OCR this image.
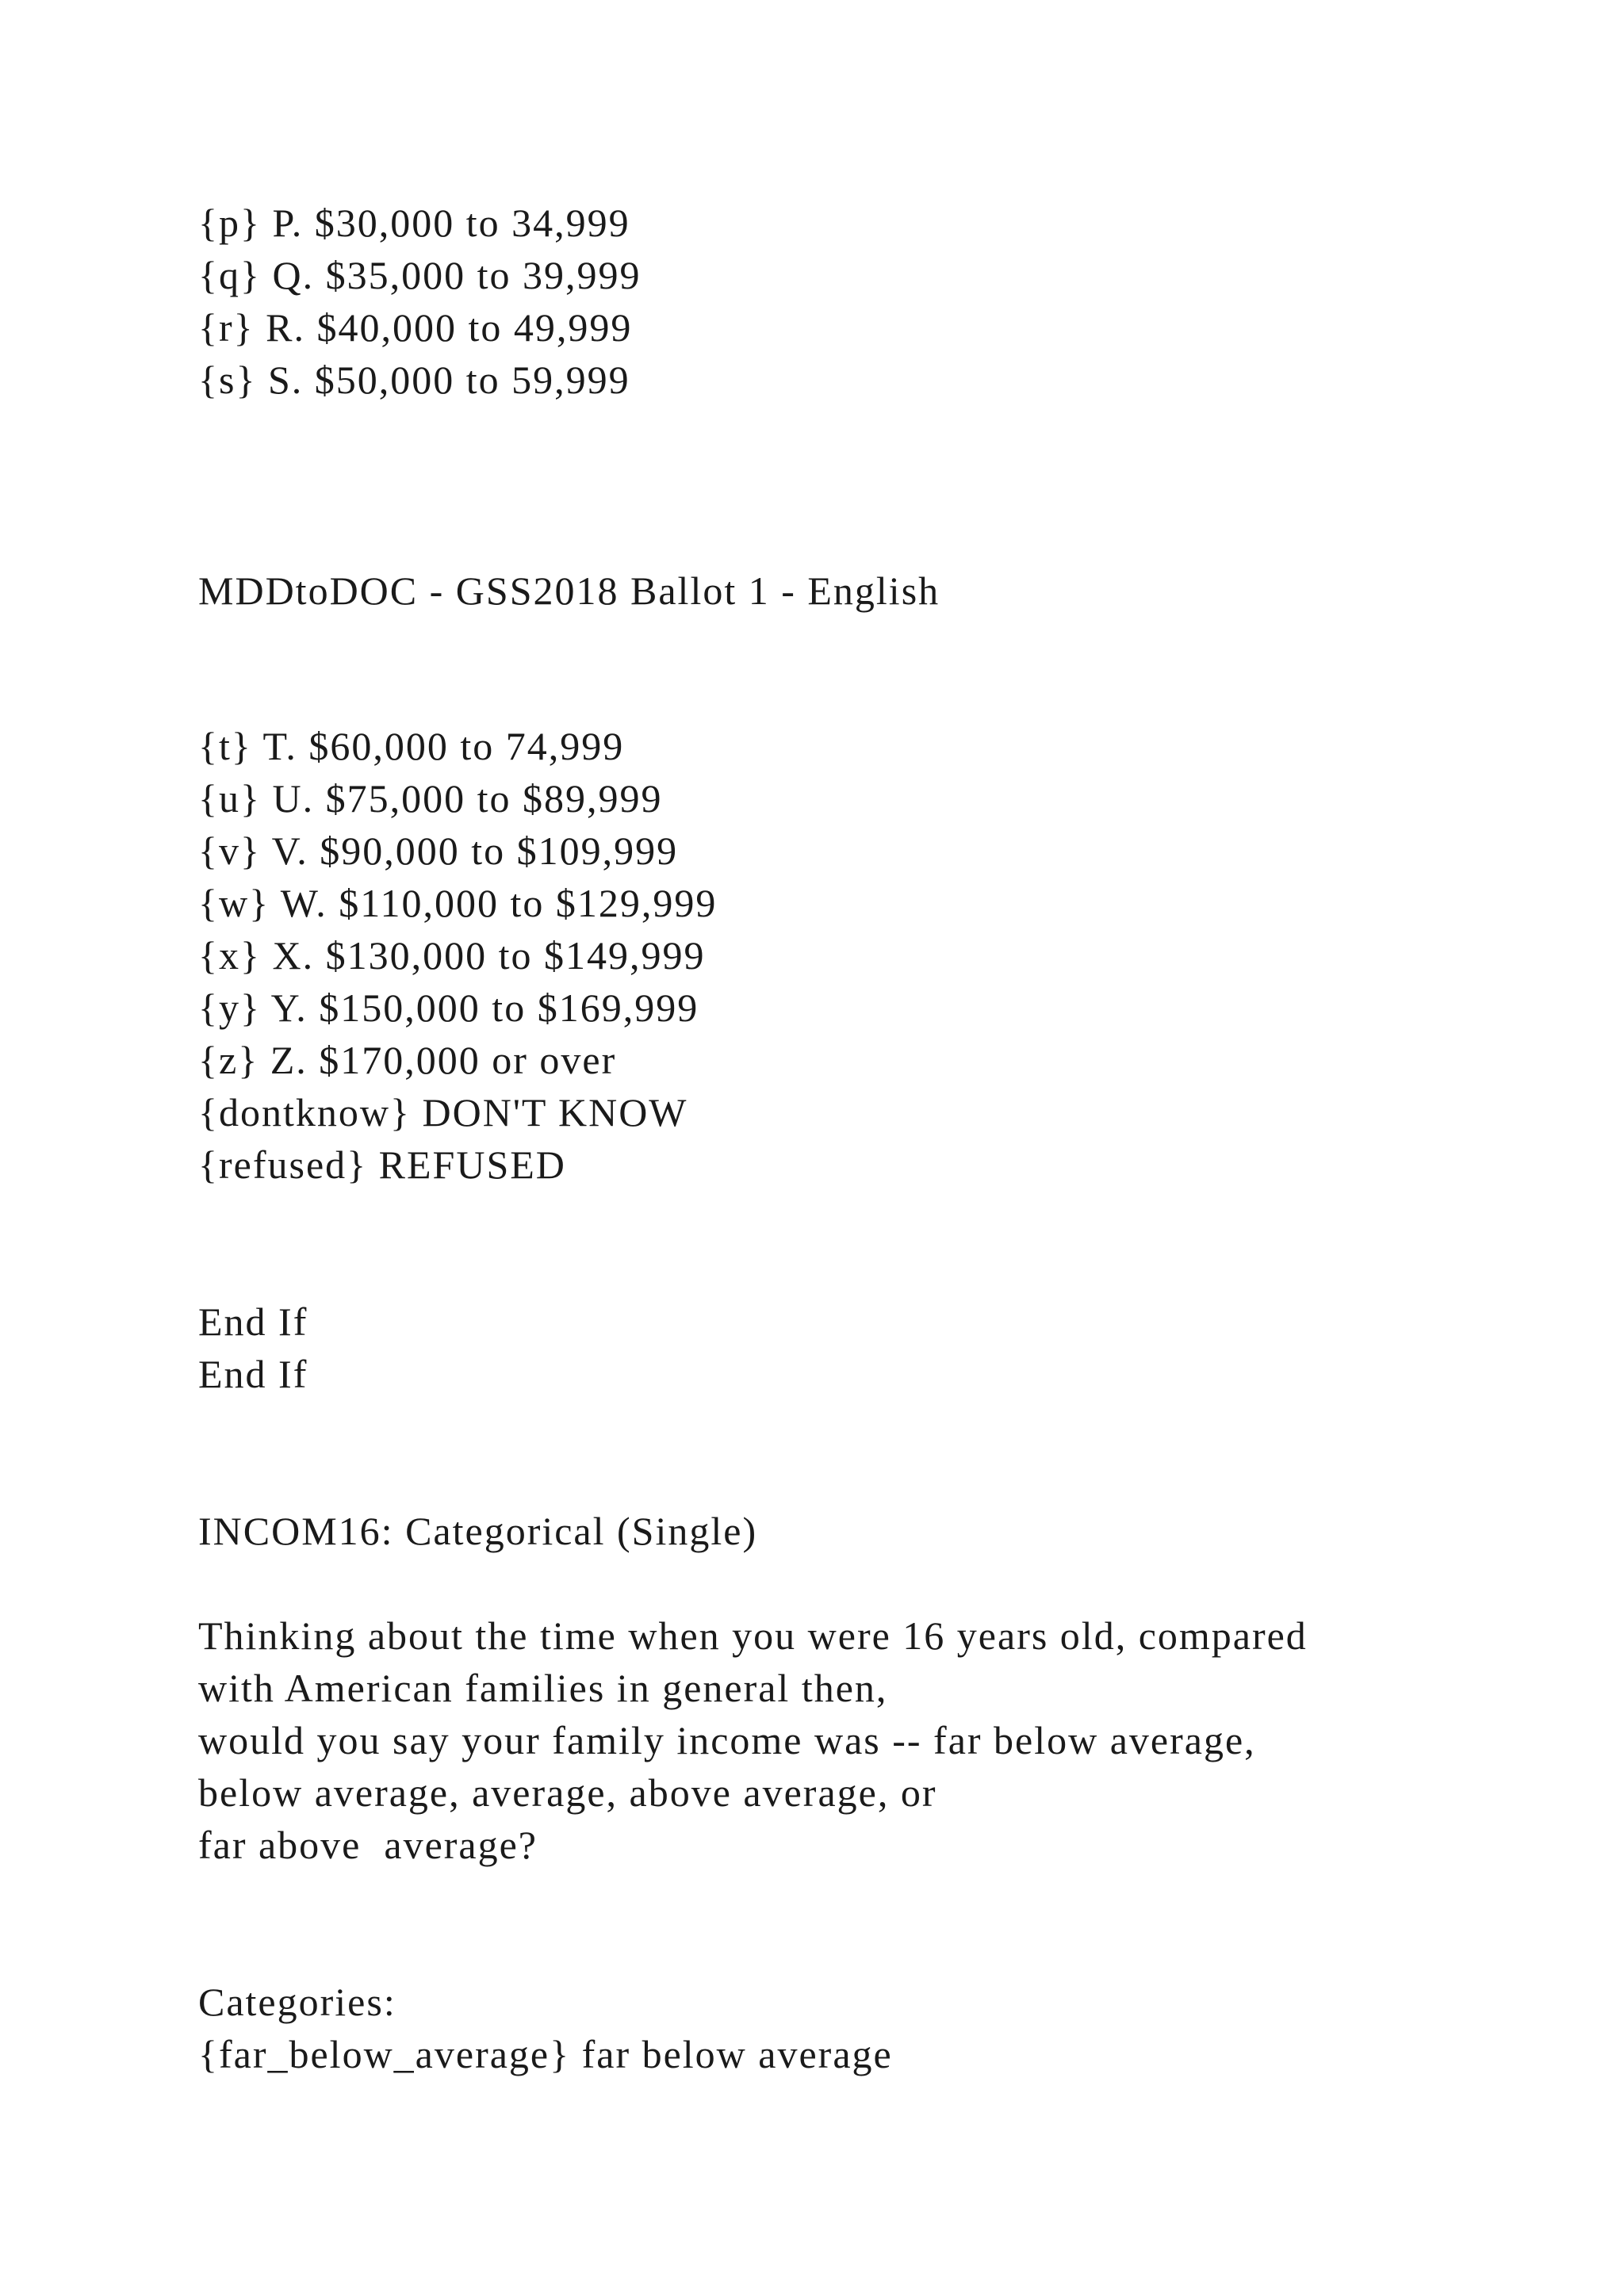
{p} P. $30,000 to 34,999

{q} Q. $35,000 to 39,999

{r} R. $40,000 to 49,999

{s} S. $50,000 to 59,999

MDDtoDOC - GSS2018 Ballot 1 - English

{t} T. $60,000 to 74,999

{u} U. $75,000 to $89,999

{v} V. $90,000 to $109,999

{w} W. $110,000 to $129,999

{x} X. $130,000 to $149,999

{y} Y. $150,000 to $169,999

{z} Z. $170,000 or over

{dontknow} DON'T KNOW

{refused} REFUSED

End If

End If

INCOM16: Categorical (Single)

Thinking about the time when you were 16 years old, compared

with American families in general then,

would you say your family income was -- far below average,

below average, average, above average, or

far above  average?

Categories:

{far_below_average} far below average
